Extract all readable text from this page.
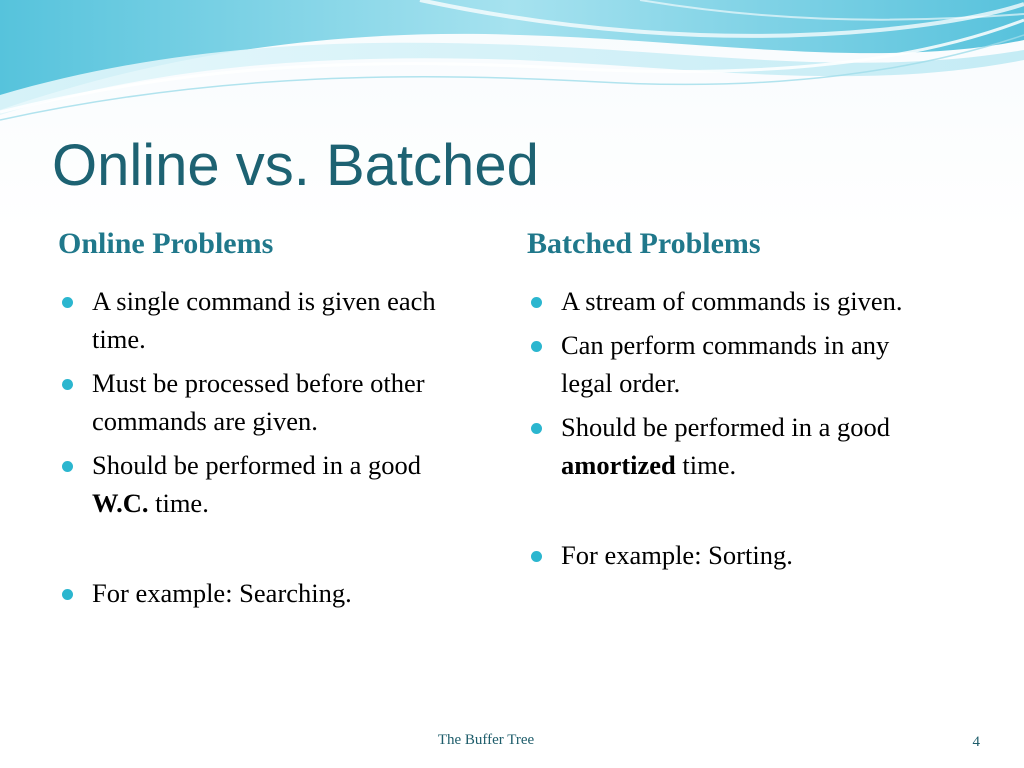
Online vs. Batched
Online Problems
A single command is given each time.
Must be processed before other commands are given.
Should be performed in a good W.C. time.
For example: Searching.
Batched Problems
A stream of commands is given.
Can perform commands in any legal order.
Should be performed in a good amortized time.
For example: Sorting.
The Buffer Tree	4
